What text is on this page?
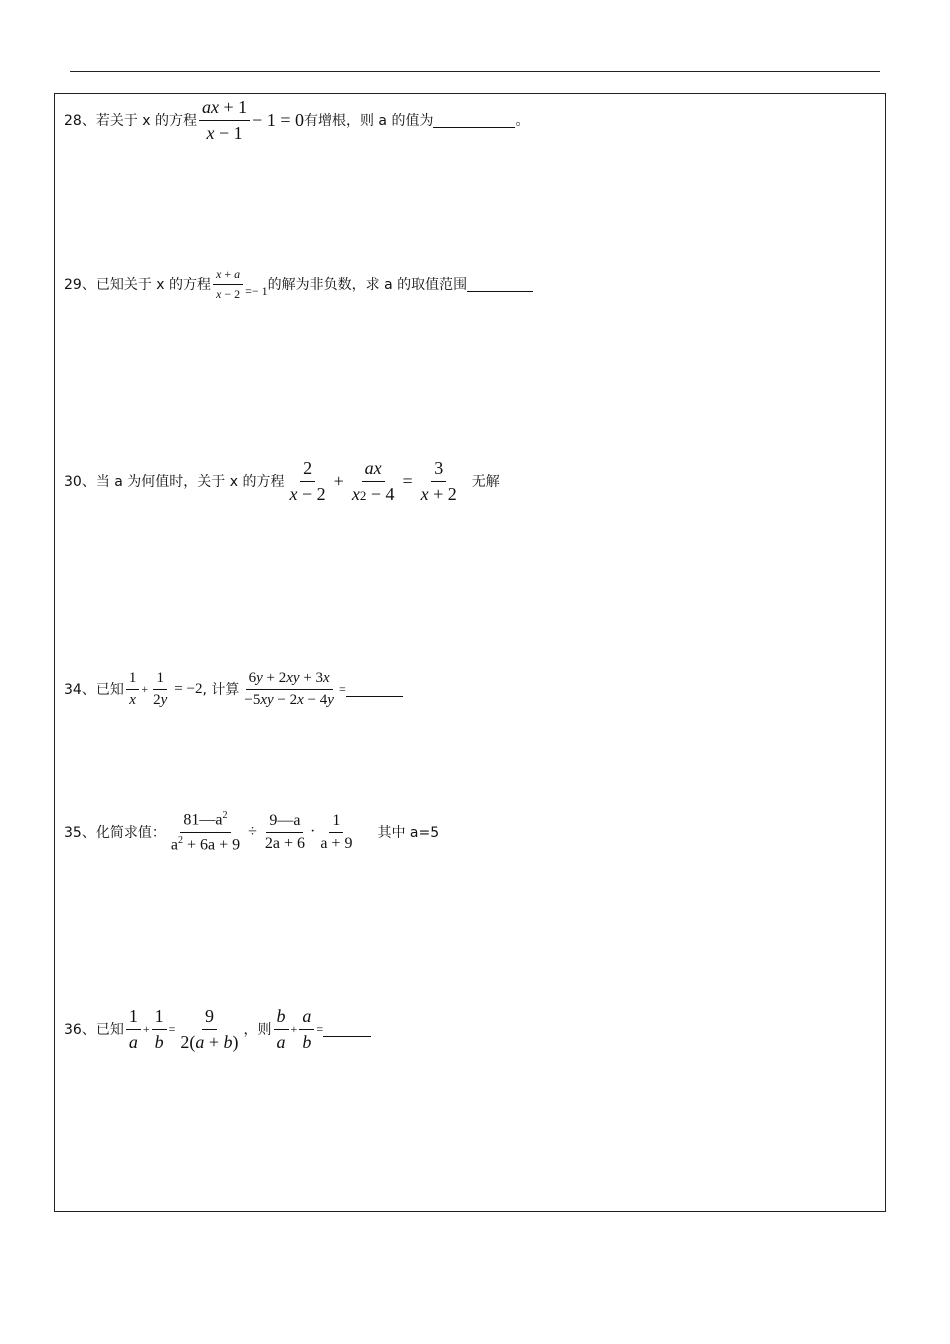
28、 若关于 x 的方程 $\frac{ax + 1}{x - 1} - 1 = 0$ 有增根，则 a 的值为	。
29、 已知关于 x 的方程 $\frac{x + a}{x - 2} =- 1$ 的解为非负数，求 a 的取值范围
30、 当 a 为何值时，关于 x 的方程 $\frac{2}{x - 2} + \frac{ax}{x2 - 4} = \frac{3}{x + 2}$ 无解
34、 已知 $\frac{1}{x} + \frac{1}{2y} = -2$ , 计算 $\frac{6y + 2xy + 3x}{-5xy - 2x - 4y}$ =
35、 化简求值： $\frac{81—a^2}{a^2 + 6a + 9} \div \frac{9—a}{2a + 6} \cdot \frac{1}{a + 9}$ 其中 a=5
36、 已知 $\frac{1}{a} + \frac{1}{b} = \frac{9}{2(a + b)}$ ，则 $\frac{b}{a} + \frac{a}{b}$ =
